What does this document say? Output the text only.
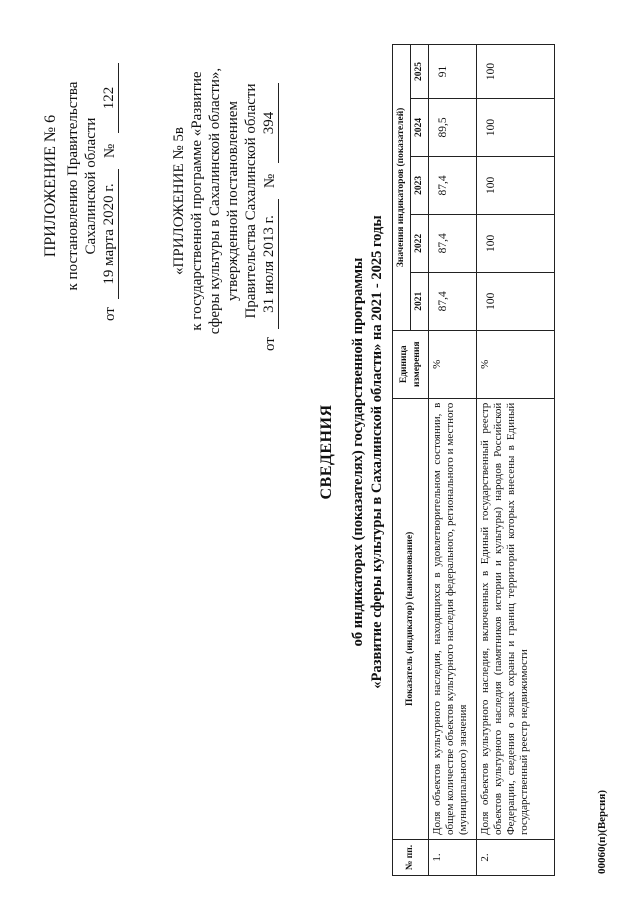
ПРИЛОЖЕНИЕ № 6 к постановлению Правительства Сахалинской области
от
19 марта 2020 г.
№
122
«ПРИЛОЖЕНИЕ № 5в к государственной программе «Развитие сферы культуры в Сахалинской области», утвержденной постановлением Правительства Сахалинской области
от
31 июля 2013 г.
№
394
СВЕДЕНИЯ об индикаторах (показателях) государственной программы «Развитие сферы культуры в Сахалинской области» на 2021 - 2025 годы
№ пп.	Показатель (индикатор) (наименование)	Единица измерения	Значения индикаторов (показателей)				
			2021	2022	2023	2024	2025
1.	Доля объектов культурного наследия, находящихся в удовлетворительном состоянии, в общем количестве объектов культурного наследия федерального, регионального и местного (муниципального) значения	%	87,4	87,4	87,4	89,5	91
2.	Доля объектов культурного наследия, включенных в Единый государственный реестр объектов культурного наследия (памятников истории и культуры) народов Российской Федерации, сведения о зонах охраны и границ территорий которых внесены в Единый государственный реестр недвижимости	%	100	100	100	100	100
00060(п)(Версия)
